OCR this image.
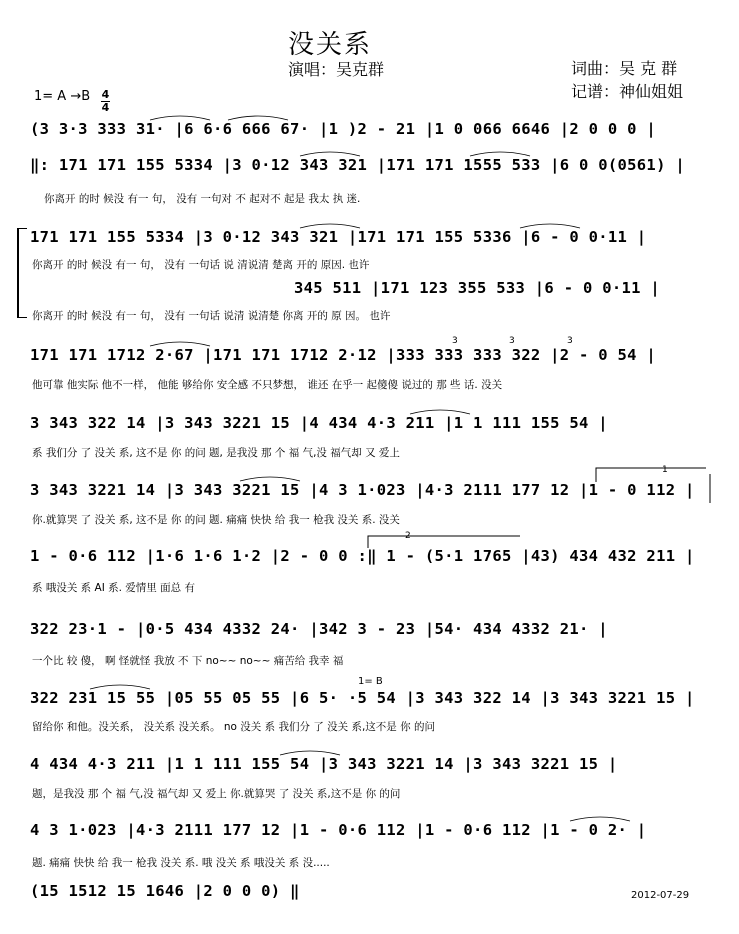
没关系
演唱：吴克群	词曲：吴 克 群
记谱：神仙姐姐
1= A →B 4
4
(3 3·3 333 31· |6 6·6 666 67· |1 )2 - 21 |1 0 066 6646 |2 0 0 0 |
‖: 171 171 155 5334 |3 0·12 343 321 |171 171 1555 533 |6 0 0(0561) |
你离开 的时 候没 有一 句， 没有 一句对 不 起对不 起是 我太 执 迷.
171 171 155 5334 |3 0·12 343 321 |171 171 155 5336 |6 - 0 0·11 |
你离开 的时 候没 有一 句， 没有 一句话 说 清说清 楚离 开的 原因. 也许
345 511 |171 123 355 533 |6 - 0 0·11 |
你离开 的时 候没 有一 句， 没有 一句话 说清 说清楚 你离 开的 原 因。 也许
171 171 1712 2·67 |171 171 1712 2·12 |333 333 333 322 |2 - 0 54 |
他可靠 他实际 他不一样， 他能 够给你 安全感 不只梦想， 谁还 在乎一 起傻傻 说过的 那 些 话. 没关
3	3	3
3 343 322 14 |3 343 3221 15 |4 434 4·3 211 |1 1 111 155 54 |
系 我们分 了 没关 系, 这不是 你 的问 题, 是我没 那 个 福 气,没 福气却 又 爱上
3 343 3221 14 |3 343 3221 15 |4 3 1·023 |4·3 2111 177 12 |1 - 0 112 |
你.就算哭 了 没关 系, 这不是 你 的问 题. 痛痛 快快 给 我一 枪我 没关 系. 没关
1
1 - 0·6 112 |1·6 1·6 1·2 |2 - 0 0 :‖ 1 - (5·1 1765 |43) 434 432 211 |
系 哦没关 系 AI 系. 爱情里 面总 有
2
322 23·1 - |0·5 434 4332 24· |342 3 - 23 |54· 434 4332 21· |
一个比 较 傻， 啊 怪就怪 我放 不 下 no~~ no~~ 痛苦给 我幸 福
1= B
322 231 15 55 |05 55 05 55 |6 5· ·5 54 |3 343 322 14 |3 343 3221 15 |
留给你 和他。没关系， 没关系 没关系。 no 没关 系 我们分 了 没关 系,这不是 你 的问
4 434 4·3 211 |1 1 111 155 54 |3 343 3221 14 |3 343 3221 15 |
题，是我没 那 个 福 气,没 福气却 又 爱上 你.就算哭 了 没关 系,这不是 你 的问
4 3 1·023 |4·3 2111 177 12 |1 - 0·6 112 |1 - 0·6 112 |1 - 0 2· |
题. 痛痛 快快 给 我一 枪我 没关 系. 哦 没关 系 哦没关 系 没.....
(15 1512 15 1646 |2 0 0 0) ‖	2012-07-29
